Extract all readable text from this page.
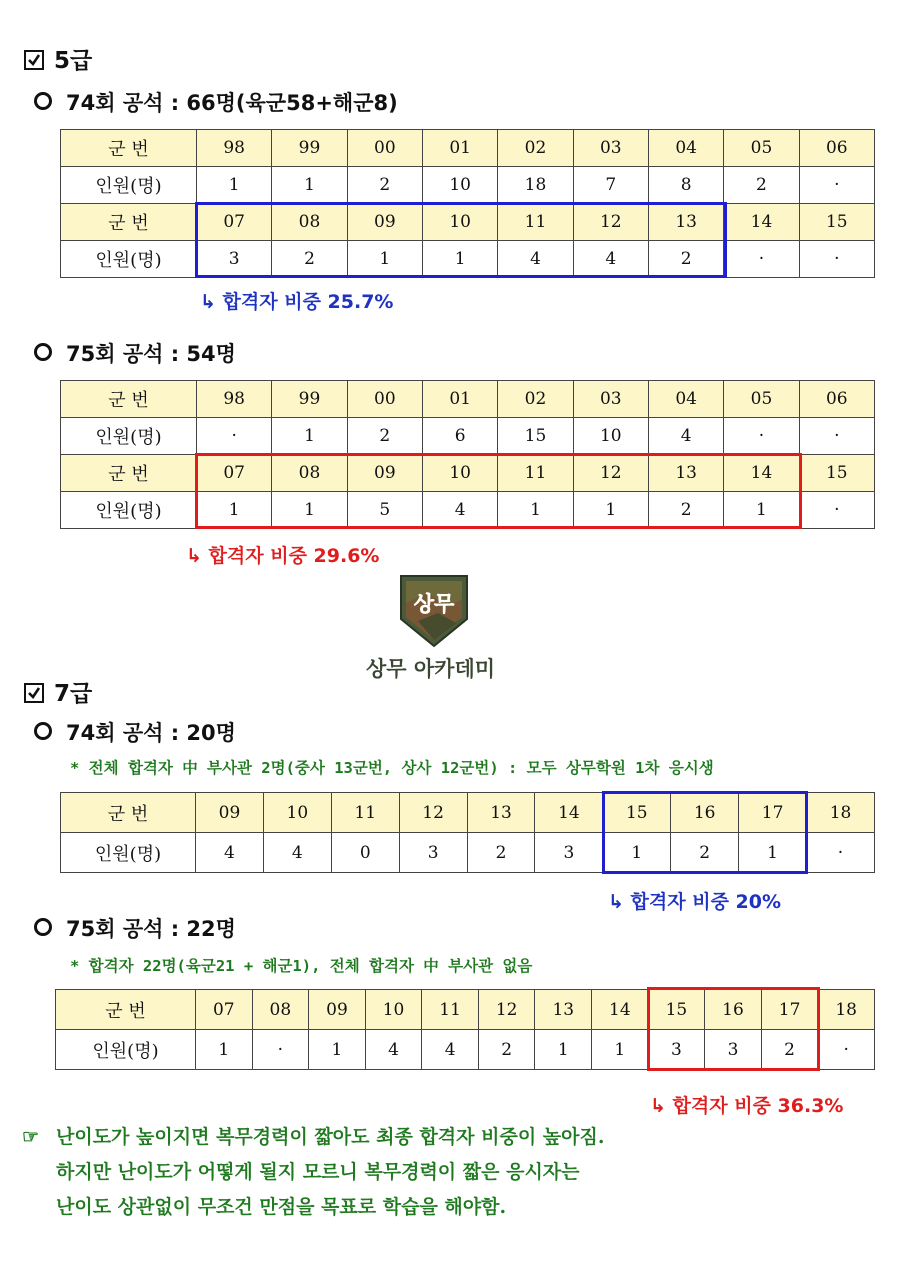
5급
74회 공석 : 66명(육군58+해군8)
군 번	98	99	00	01	02	03	04	05	06
인원(명)	1	1	2	10	18	7	8	2	·
군 번	07	08	09	10	11	12	13	14	15
인원(명)	3	2	1	1	4	4	2	·	·
↳ 합격자 비중 25.7%
75회 공석 : 54명
군 번	98	99	00	01	02	03	04	05	06
인원(명)	·	1	2	6	15	10	4	·	·
군 번	07	08	09	10	11	12	13	14	15
인원(명)	1	1	5	4	1	1	2	1	·
↳ 합격자 비중 29.6%
상무
상무 아카데미
7급
74회 공석 : 20명
* 전체 합격자 中 부사관 2명(중사 13군번, 상사 12군번) : 모두 상무학원 1차 응시생
군 번	09	10	11	12	13	14	15	16	17	18
인원(명)	4	4	0	3	2	3	1	2	1	·
↳ 합격자 비중 20%
75회 공석 : 22명
* 합격자 22명(육군21 + 해군1), 전체 합격자 中 부사관 없음
군 번	07	08	09	10	11	12	13	14	15	16	17	18
인원(명)	1	·	1	4	4	2	1	1	3	3	2	·
↳ 합격자 비중 36.3%
☞ 난이도가 높이지면 복무경력이 짧아도 최종 합격자 비중이 높아짐.
하지만 난이도가 어떻게 될지 모르니 복무경력이 짧은 응시자는
난이도 상관없이 무조건 만점을 목표로 학습을 해야함.
